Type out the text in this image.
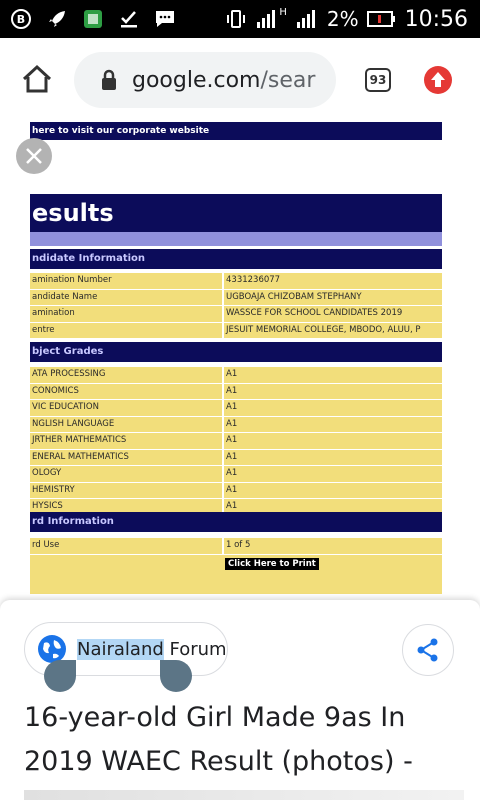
B
H 2% 10:56
google.com/sear	93
here to visit our corporate website
esults
ndidate Information
amination Number	4331236077
andidate Name	UGBOAJA CHIZOBAM STEPHANY
amination	WASSCE FOR SCHOOL CANDIDATES 2019
entre	JESUIT MEMORIAL COLLEGE, MBODO, ALUU, P
bject Grades
ATA PROCESSING	A1
CONOMICS	A1
VIC EDUCATION	A1
NGLISH LANGUAGE	A1
JRTHER MATHEMATICS	A1
ENERAL MATHEMATICS	A1
OLOGY	A1
HEMISTRY	A1
HYSICS	A1
rd Information
rd Use	1 of 5
Click Here to Print
Nairaland Forum
16-year-old Girl Made 9as In 2019 WAEC Result (photos) -
